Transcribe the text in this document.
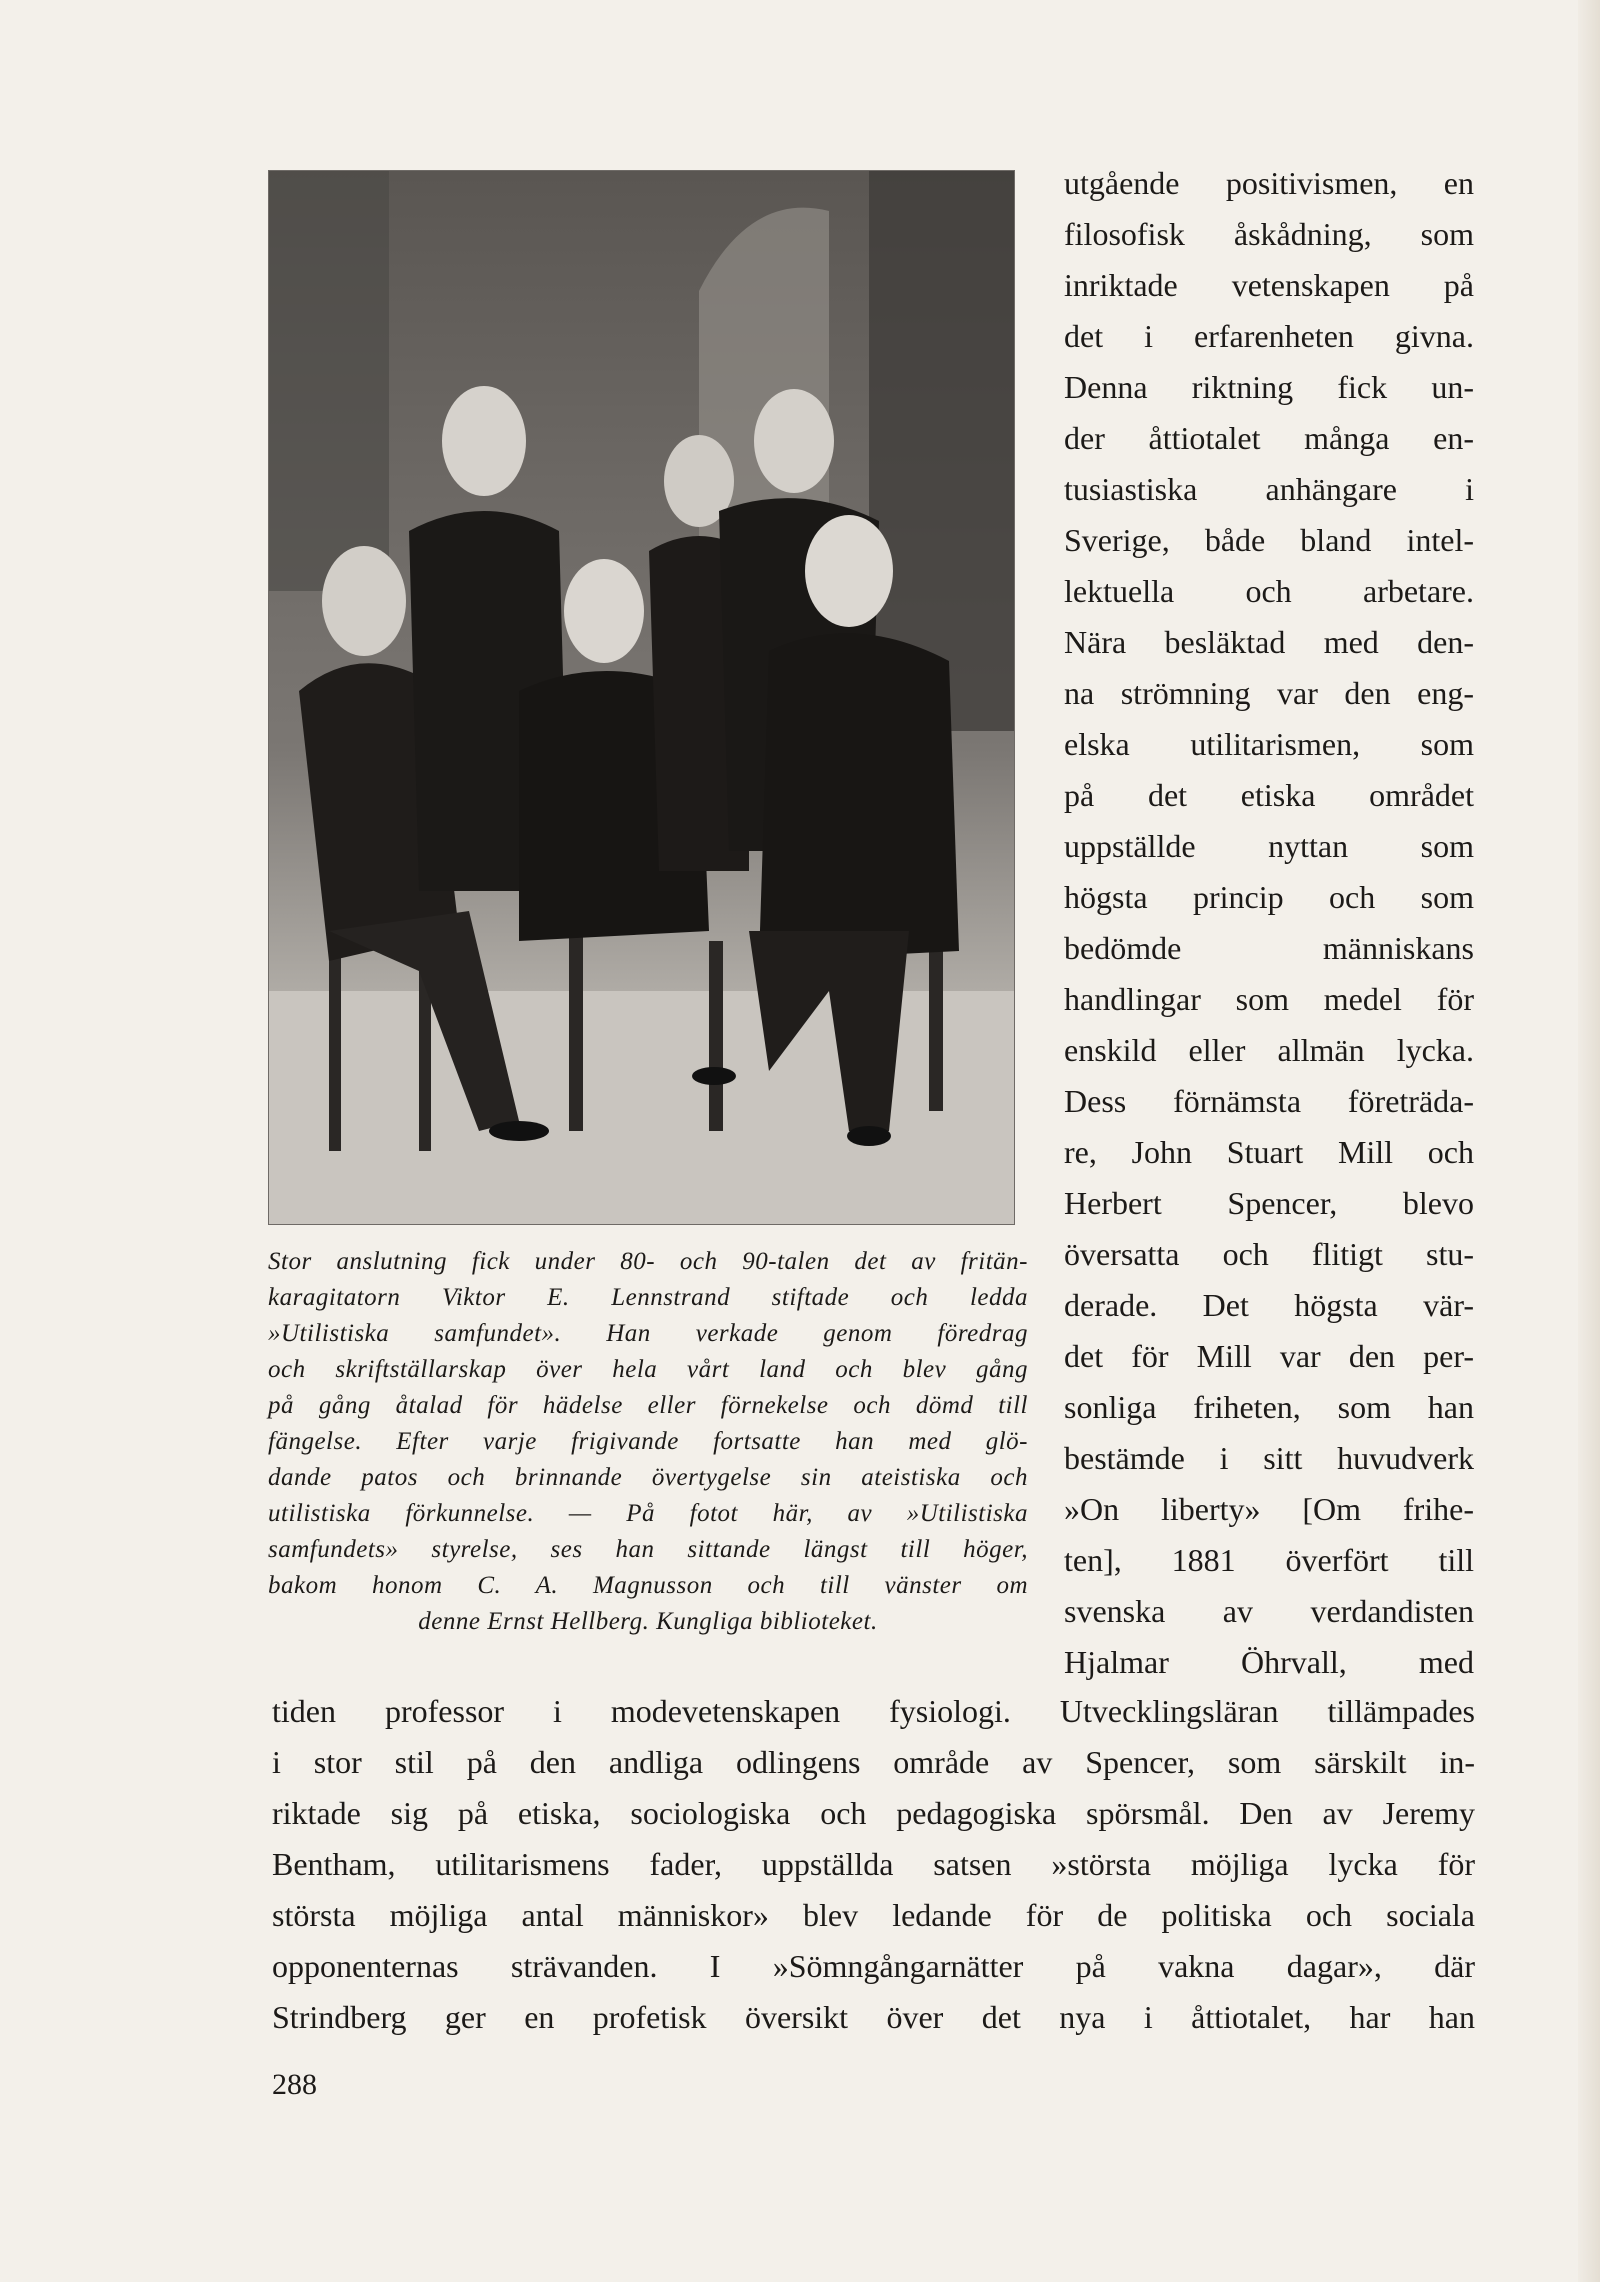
Stor anslutning fick under 80- och 90-talen det av fritän-

karagitatorn Viktor E. Lennstrand stiftade och ledda

»Utilistiska samfundet». Han verkade genom föredrag

och skriftställarskap över hela vårt land och blev gång

på gång åtalad för hädelse eller förnekelse och dömd till

fängelse. Efter varje frigivande fortsatte han med glö-

dande patos och brinnande övertygelse sin ateistiska och

utilistiska förkunnelse. — På fotot här, av »Utilistiska

samfundets» styrelse, ses han sittande längst till höger,

bakom honom C. A. Magnusson och till vänster om

denne Ernst Hellberg. Kungliga biblioteket.

utgående positivismen, en
filosofisk åskådning, som
inriktade vetenskapen på
det i erfarenheten givna.
Denna riktning fick un-
der åttiotalet många en-
tusiastiska anhängare i
Sverige, både bland intel-
lektuella och arbetare.
Nära besläktad med den-
na strömning var den eng-
elska utilitarismen, som
på det etiska området
uppställde nyttan som
högsta princip och som
bedömde människans
handlingar som medel för
enskild eller allmän lycka.
Dess förnämsta företräda-
re, John Stuart Mill och
Herbert Spencer, blevo
översatta och flitigt stu-
derade. Det högsta vär-
det för Mill var den per-
sonliga friheten, som han
bestämde i sitt huvudverk
»On liberty» [Om frihe-
ten], 1881 överfört till
svenska av verdandisten
Hjalmar Öhrvall, med
tiden professor i modevetenskapen fysiologi. Utvecklingsläran tillämpades
i stor stil på den andliga odlingens område av Spencer, som särskilt in-
riktade sig på etiska, sociologiska och pedagogiska spörsmål. Den av Jeremy
Bentham, utilitarismens fader, uppställda satsen »största möjliga lycka för
största möjliga antal människor» blev ledande för de politiska och sociala
opponenternas strävanden. I »Sömngångarnätter på vakna dagar», där
Strindberg ger en profetisk översikt över det nya i åttiotalet, har han
288
